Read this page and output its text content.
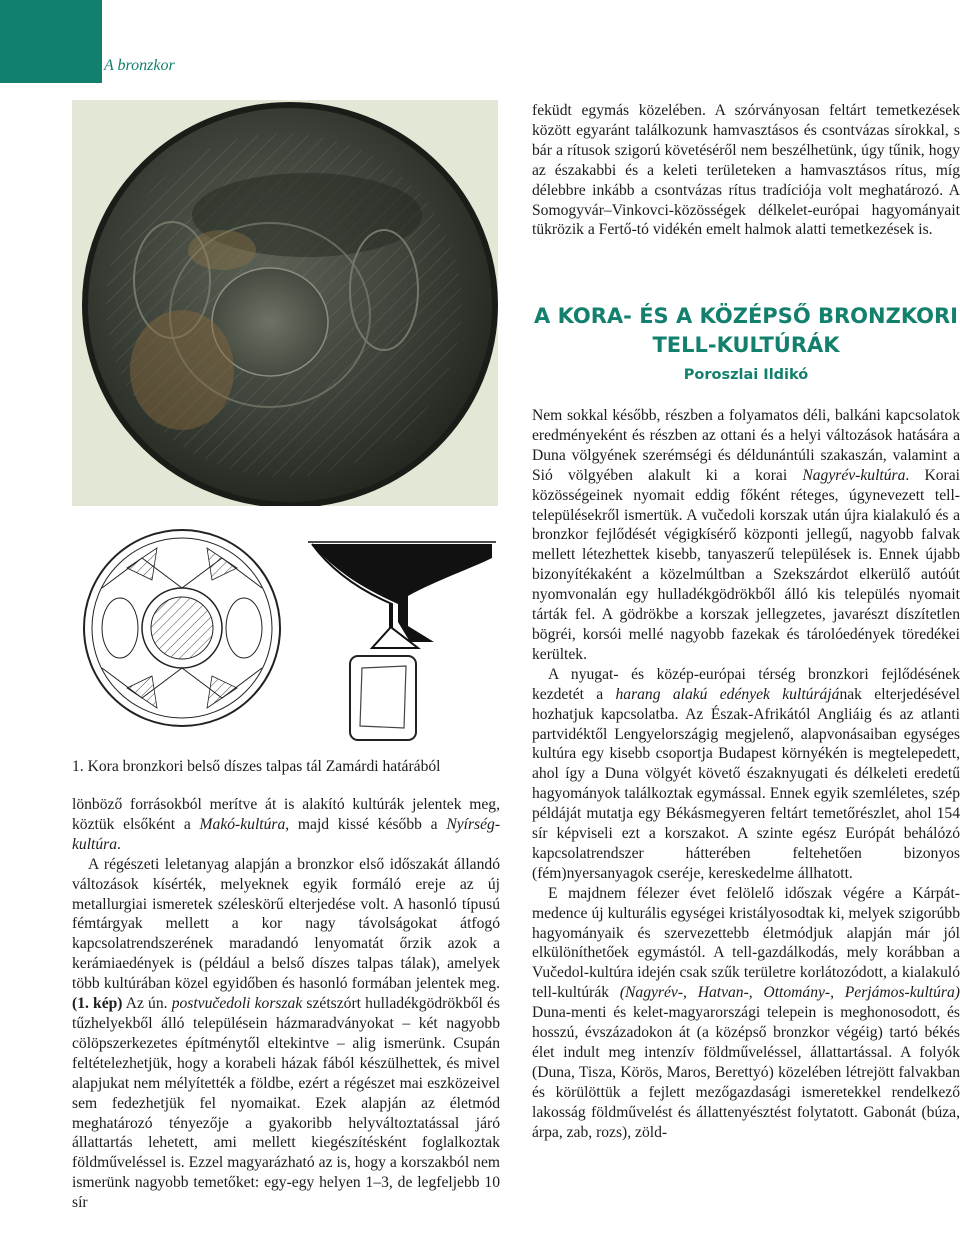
142 A bronzkor

1. Kora bronzkori belső díszes talpas tál Zamárdi határából

lönböző forrásokból merítve át is alakító kultúrák jelentek meg, köztük elsőként a Makó-kultúra, majd kissé később a Nyírség-kultúra.

A régészeti leletanyag alapján a bronzkor első időszakát állandó változások kísérték, melyeknek egyik formáló ereje az új metallurgiai ismeretek széleskörű elterjedése volt. A hasonló típusú fémtárgyak mellett a kor nagy távolságokat átfogó kapcsolatrendszerének maradandó lenyomatát őrzik azok a kerámiaedények is (például a belső díszes talpas tálak), amelyek több kultúrában közel egyidőben és hasonló formában jelentek meg. (1. kép) Az ún. postvučedoli korszak szétszórt hulladékgödrökből és tűzhelyekből álló településein házmaradványokat – két nagyobb cölöpszerkezetes építménytől eltekintve – alig ismerünk. Csupán feltételezhetjük, hogy a korabeli házak fából készülhettek, és mivel alapjukat nem mélyítették a földbe, ezért a régészet mai eszközeivel sem fedezhetjük fel nyomaikat. Ezek alapján az életmód meghatározó tényezője a gyakoribb helyváltoztatással járó állattartás lehetett, ami mellett kiegészítésként foglalkoztak földműveléssel is. Ezzel magyarázható az is, hogy a korszakból nem ismerünk nagyobb temetőket: egy-egy helyen 1–3, de legfeljebb 10 sír

feküdt egymás közelében. A szórványosan feltárt temetkezések között egyaránt találkozunk hamvasztásos és csontvázas sírokkal, s bár a rítusok szigorú követéséről nem beszélhetünk, úgy tűnik, hogy az északabbi és a keleti területeken a hamvasztásos rítus, míg délebbre inkább a csontvázas rítus tradíciója volt meghatározó. A Somogyvár–Vinkovci-közösségek délkelet-európai hagyományait tükrözik a Fertő-tó vidékén emelt halmok alatti temetkezések is.

A KORA- ÉS A KÖZÉPSŐ BRONZKORI
TELL-KULTÚRÁK

Poroszlai Ildikó

Nem sokkal később, részben a folyamatos déli, balkáni kapcsolatok eredményeként és részben az ottani és a helyi változások hatására a Duna völgyének szerémségi és déldunántúli szakaszán, valamint a Sió völgyében alakult ki a korai Nagyrév-kultúra. Korai közösségeinek nyomait eddig főként réteges, úgynevezett tell-településekről ismertük. A vučedoli korszak után újra kialakuló és a bronzkor fejlődését végigkísérő központi jellegű, nagyobb falvak mellett létezhettek kisebb, tanyaszerű települések is. Ennek újabb bizonyítékaként a közelmúltban a Szekszárdot elkerülő autóút nyomvonalán egy hulladékgödrökből álló kis település nyomait tárták fel. A gödrökbe a korszak jellegzetes, javarészt díszítetlen bögréi, korsói mellé nagyobb fazekak és tárolóedények töredékei kerültek.

A nyugat- és közép-európai térség bronzkori fejlődésének kezdetét a harang alakú edények kultúrájának elterjedésével hozhatjuk kapcsolatba. Az Észak-Afrikától Angliáig és az atlanti partvidéktől Lengyelországig megjelenő, alapvonásaiban egységes kultúra egy kisebb csoportja Budapest környékén is megtelepedett, ahol így a Duna völgyét követő északnyugati és délkeleti eredetű hagyományok találkoztak egymással. Ennek egyik szemléletes, szép példáját mutatja egy Békásmegyeren feltárt temetőrészlet, ahol 154 sír képviseli ezt a korszakot. A szinte egész Európát behálózó kapcsolatrendszer hátterében feltehetően bizonyos (fém)nyersanyagok cseréje, kereskedelme állhatott.

E majdnem félezer évet felölelő időszak végére a Kárpát-medence új kulturális egységei kristályosodtak ki, melyek szigorúbb hagyományaik és szervezettebb életmódjuk alapján már jól elkülöníthetőek egymástól. A tell-gazdálkodás, mely korábban a Vučedol-kultúra idején csak szűk területre korlátozódott, a kialakuló tell-kultúrák (Nagyrév-, Hatvan-, Ottomány-, Perjámos-kultúra) Duna-menti és kelet-magyarországi telepein is meghonosodott, és hosszú, évszázadokon át (a középső bronzkor végéig) tartó békés élet indult meg intenzív földműveléssel, állattartással. A folyók (Duna, Tisza, Körös, Maros, Berettyó) közelében létrejött falvakban és körülöttük a fejlett mezőgazdasági ismeretekkel rendelkező lakosság földművelést és állattenyésztést folytatott. Gabonát (búza, árpa, zab, rozs), zöld-
